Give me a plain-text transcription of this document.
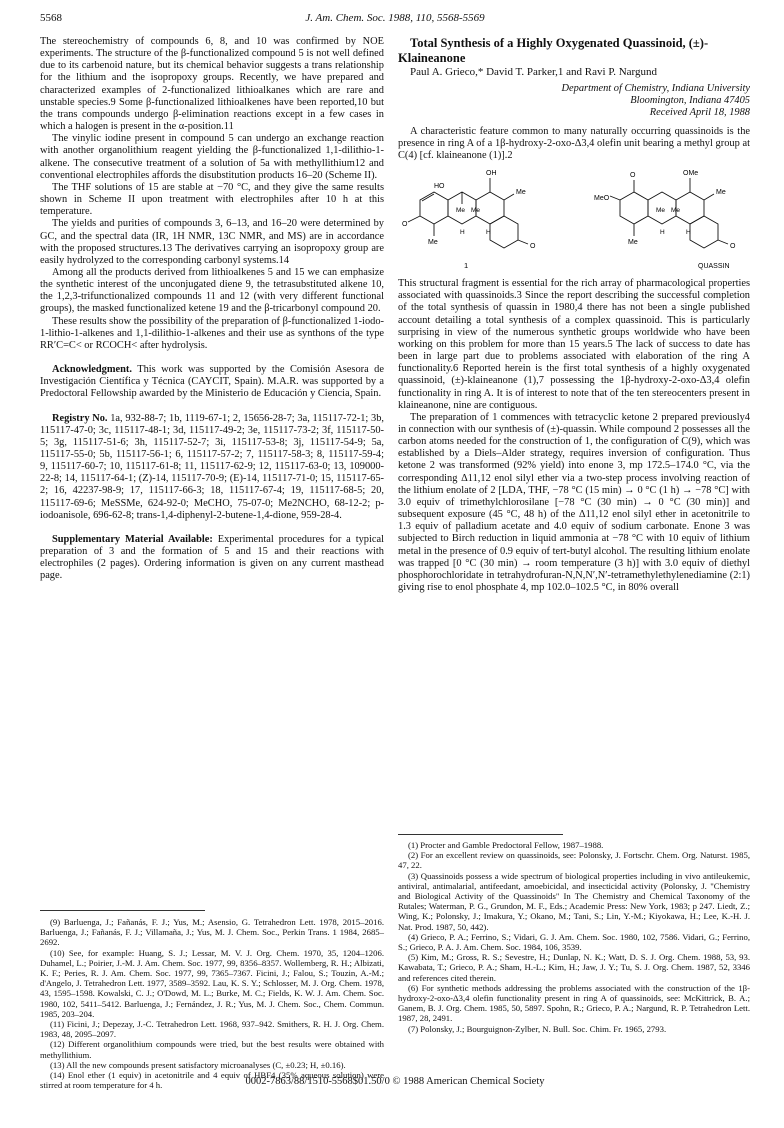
5568	J. Am. Chem. Soc. 1988, 110, 5568-5569

The stereochemistry of compounds 6, 8, and 10 was confirmed by NOE experiments. The structure of the β-functionalized compound 5 is not well defined due to its carbenoid nature, but its chemical behavior suggests a trans relationship for the lithium and the isopropoxy groups. Recently, we have prepared and characterized examples of 2-functionalized lithioalkanes which are rare and unstable species.9 Some β-functionalized lithioalkenes have been reported,10 but the trans compounds undergo β-elimination reactions except in a few cases in which a halogen is present in the α-position.11

The vinylic iodine present in compound 5 can undergo an exchange reaction with another organolithium reagent yielding the β-functionalized 1,1-dilithio-1-alkene. The consecutive treatment of a solution of 5a with methyllithium12 and conventional electrophiles affords the disubstitution products 16–20 (Scheme II).

The THF solutions of 15 are stable at −70 °C, and they give the same results shown in Scheme II upon treatment with electrophiles after 10 h at this temperature.

The yields and purities of compounds 3, 6–13, and 16–20 were determined by GC, and the spectral data (IR, 1H NMR, 13C NMR, and MS) are in accordance with the proposed structures.13 The derivatives carrying an isopropoxy group are easily hydrolyzed to the corresponding carbonyl systems.14

Among all the products derived from lithioalkenes 5 and 15 we can emphasize the synthetic interest of the unconjugated diene 9, the tetrasubstituted alkene 10, the 1,2,3-trifunctionalized compounds 11 and 12 (with very different functional groups), the masked functionalized ketene 19 and the β-tricarbonyl compound 20.

These results show the possibility of the preparation of β-functionalized 1-iodo-1-lithio-1-alkenes and 1,1-dilithio-1-alkenes and their use as synthons of the type RR′C=C< or RCOCH< after hydrolysis.

Acknowledgment. This work was supported by the Comisión Asesora de Investigación Científica y Técnica (CAYCIT, Spain). M.A.R. was supported by a Predoctoral Fellowship awarded by the Ministerio de Educación y Ciencia, Spain.

Registry No. 1a, 932-88-7; 1b, 1119-67-1; 2, 15656-28-7; 3a, 115117-72-1; 3b, 115117-47-0; 3c, 115117-48-1; 3d, 115117-49-2; 3e, 115117-73-2; 3f, 115117-50-5; 3g, 115117-51-6; 3h, 115117-52-7; 3i, 115117-53-8; 3j, 115117-54-9; 5a, 115117-55-0; 5b, 115117-56-1; 6, 115117-57-2; 7, 115117-58-3; 8, 115117-59-4; 9, 115117-60-7; 10, 115117-61-8; 11, 115117-62-9; 12, 115117-63-0; 13, 109000-22-8; 14, 115117-64-1; (Z)-14, 115117-70-9; (E)-14, 115117-71-0; 15, 115117-65-2; 16, 42237-98-9; 17, 115117-66-3; 18, 115117-67-4; 19, 115117-68-5; 20, 115117-69-6; MeSSMe, 624-92-0; MeCHO, 75-07-0; Me2NCHO, 68-12-2; p-iodoanisole, 696-62-8; trans-1,4-diphenyl-2-butene-1,4-dione, 959-28-4.

Supplementary Material Available: Experimental procedures for a typical preparation of 3 and the formation of 5 and 15 and their reactions with electrophiles (2 pages). Ordering information is given on any current masthead page.

(9) Barluenga, J.; Fañanás, F. J.; Yus, M.; Asensio, G. Tetrahedron Lett. 1978, 2015–2016. Barluenga, J.; Fañanás, F. J.; Villamaña, J.; Yus, M. J. Chem. Soc., Perkin Trans. 1 1984, 2685–2692.

(10) See, for example: Huang, S. J.; Lessar, M. V. J. Org. Chem. 1970, 35, 1204–1206. Duhamel, L.; Poirier, J.-M. J. Am. Chem. Soc. 1977, 99, 8356–8357. Wollemberg, R. H.; Albizati, K. F.; Peries, R. J. Am. Chem. Soc. 1977, 99, 7365–7367. Ficini, J.; Falou, S.; Touzin, A.-M.; d'Angelo, J. Tetrahedron Lett. 1977, 3589–3592. Lau, K. S. Y.; Schlosser, M. J. Org. Chem. 1978, 43, 1595–1598. Kowalski, C. J.; O'Dowd, M. L.; Burke, M. C.; Fields, K. W. J. Am. Chem. Soc. 1980, 102, 5411–5412. Barluenga, J.; Fernández, J. R.; Yus, M. J. Chem. Soc., Chem. Commun. 1985, 203–204.

(11) Ficini, J.; Depezay, J.-C. Tetrahedron Lett. 1968, 937–942. Smithers, R. H. J. Org. Chem. 1983, 48, 2095–2097.

(12) Different organolithium compounds were tried, but the best results were obtained with methyllithium.

(13) All the new compounds present satisfactory microanalyses (C, ±0.23; H, ±0.16).

(14) Enol ether (1 equiv) in acetonitrile and 4 equiv of HBF4 (35% aqueous solution) were stirred at room temperature for 4 h.

Total Synthesis of a Highly Oxygenated Quassinoid, (±)-Klaineanone

Paul A. Grieco,* David T. Parker,1 and Ravi P. Nargund

Department of Chemistry, Indiana University

Bloomington, Indiana 47405

Received April 18, 1988

A characteristic feature common to many naturally occurring quassinoids is the presence in ring A of a 1β-hydroxy-2-oxo-Δ3,4 olefin unit bearing a methyl group at C(4) [cf. klaineanone (1)].2

OH
HO
Me
Me Me
O
O
Me
H	H
1
OMe
O
Me
MeO
Me Me
O
Me
H	H
QUASSIN

This structural fragment is essential for the rich array of pharmacological properties associated with quassinoids.3 Since the report describing the successful completion of the total synthesis of quassin in 1980,4 there has not been a single published account detailing a total synthesis of a complex quassinoid. This is particularly surprising in view of the numerous synthetic groups worldwide who have been working on this problem for more than 15 years.5 The lack of success to date has been in large part due to problems associated with elaboration of the ring A functionality.6 Reported herein is the first total synthesis of a highly oxygenated quassinoid, (±)-klaineanone (1),7 possessing the 1β-hydroxy-2-oxo-Δ3,4 olefin functionality in ring A. It is of interest to note that of the ten stereocenters present in klaineanone, nine are contiguous.

The preparation of 1 commences with tetracyclic ketone 2 prepared previously4 in connection with our synthesis of (±)-quassin. While compound 2 possesses all the carbon atoms needed for the construction of 1, the configuration of C(9), which was established by a Diels–Alder strategy, requires inversion of configuration. Thus ketone 2 was transformed (92% yield) into enone 3, mp 172.5–174.0 °C, via the corresponding Δ11,12 enol silyl ether via a two-step process involving reaction of the lithium enolate of 2 [LDA, THF, −78 °C (15 min) → 0 °C (1 h) → −78 °C] with 3.0 equiv of trimethylchlorosilane [−78 °C (30 min) → 0 °C (30 min)] and subsequent exposure (45 °C, 48 h) of the Δ11,12 enol silyl ether in acetonitrile to 1.3 equiv of palladium acetate and 4.0 equiv of sodium carbonate. Enone 3 was subjected to Birch reduction in liquid ammonia at −78 °C with 10 equiv of lithium metal in the presence of 0.9 equiv of tert-butyl alcohol. The resulting lithium enolate was trapped [0 °C (30 min) → room temperature (3 h)] with 3.0 equiv of diethyl phosphorochloridate in tetrahydrofuran-N,N,N′,N′-tetramethylethylenediamine (2:1) giving rise to enol phosphate 4, mp 102.0–102.5 °C, in 80% overall

(1) Procter and Gamble Predoctoral Fellow, 1987–1988.

(2) For an excellent review on quassinoids, see: Polonsky, J. Fortschr. Chem. Org. Naturst. 1985, 47, 22.

(3) Quassinoids possess a wide spectrum of biological properties including in vivo antileukemic, antiviral, antimalarial, antifeedant, amoebicidal, and insecticidal activity (Polonsky, J. "Chemistry and Biological Activity of the Quassinoids" In The Chemistry and Chemical Taxonomy of the Rutales; Waterman, P. G., Grundon, M. F., Eds.; Academic Press: New York, 1983; p 247. Liedt, Z.; Wing, K.; Polonsky, J.; Imakura, Y.; Okano, M.; Tani, S.; Lin, Y.-M.; Kiyokawa, H.; Lee, K.-H. J. Nat. Prod. 1987, 50, 442).

(4) Grieco, P. A.; Ferrino, S.; Vidari, G. J. Am. Chem. Soc. 1980, 102, 7586. Vidari, G.; Ferrino, S.; Grieco, P. A. J. Am. Chem. Soc. 1984, 106, 3539.

(5) Kim, M.; Gross, R. S.; Sevestre, H.; Dunlap, N. K.; Watt, D. S. J. Org. Chem. 1988, 53, 93. Kawabata, T.; Grieco, P. A.; Sham, H.-L.; Kim, H.; Jaw, J. Y.; Tu, S. J. Org. Chem. 1987, 52, 3346 and references cited therein.

(6) For synthetic methods addressing the problems associated with the construction of the 1β-hydroxy-2-oxo-Δ3,4 olefin functionality present in ring A of quassinoids, see: McKittrick, B. A.; Ganem, B. J. Org. Chem. 1985, 50, 5897. Spohn, R.; Grieco, P. A.; Nargund, R. P. Tetrahedron Lett. 1987, 28, 2491.

(7) Polonsky, J.; Bourguignon-Zylber, N. Bull. Soc. Chim. Fr. 1965, 2793.

0002-7863/88/1510-5568$01.50/0 © 1988 American Chemical Society
